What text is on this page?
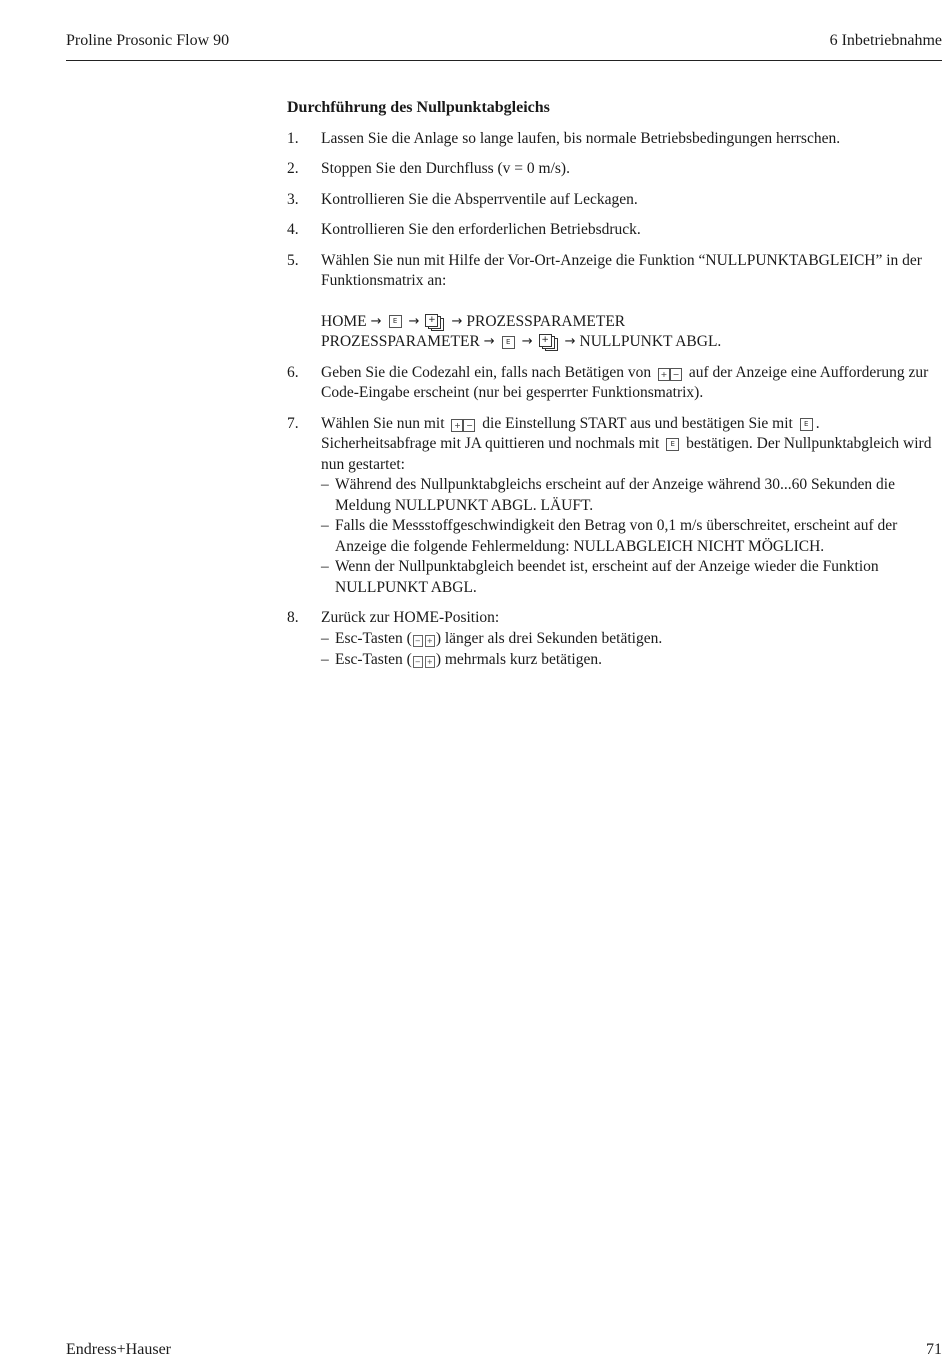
Proline Prosonic Flow 90	6 Inbetriebnahme
Durchführung des Nullpunktabgleichs
1. Lassen Sie die Anlage so lange laufen, bis normale Betriebsbedingungen herrschen.
2. Stoppen Sie den Durchfluss (v = 0 m/s).
3. Kontrollieren Sie die Absperrventile auf Leckagen.
4. Kontrollieren Sie den erforderlichen Betriebsdruck.
5. Wählen Sie nun mit Hilfe der Vor-Ort-Anzeige die Funktion “NULLPUNKTABGLEICH” in der Funktionsmatrix an:
HOME →	E → + → PROZESSPARAMETER
PROZESSPARAMETER →	E → + → NULLPUNKT ABGL.
6. Geben Sie die Codezahl ein, falls nach Betätigen von + − auf der Anzeige eine Aufforderung zur Code-Eingabe erscheint (nur bei gesperrter Funktionsmatrix).
7. Wählen Sie nun mit + − die Einstellung START aus und bestätigen Sie mit E .
Sicherheitsabfrage mit JA quittieren und nochmals mit E bestätigen. Der Nullpunktabgleich wird nun gestartet:
– Während des Nullpunktabgleichs erscheint auf der Anzeige während 30...60 Sekunden die Meldung NULLPUNKT ABGL. LÄUFT.
– Falls die Messstoffgeschwindigkeit den Betrag von 0,1 m/s überschreitet, erscheint auf der Anzeige die folgende Fehlermeldung: NULLABGLEICH NICHT MÖGLICH.
– Wenn der Nullpunktabgleich beendet ist, erscheint auf der Anzeige wieder die Funktion NULLPUNKT ABGL.
8. Zurück zur HOME-Position:
– Esc-Tasten ( − + ) länger als drei Sekunden betätigen.
– Esc-Tasten ( − + ) mehrmals kurz betätigen.
Endress+Hauser	71
